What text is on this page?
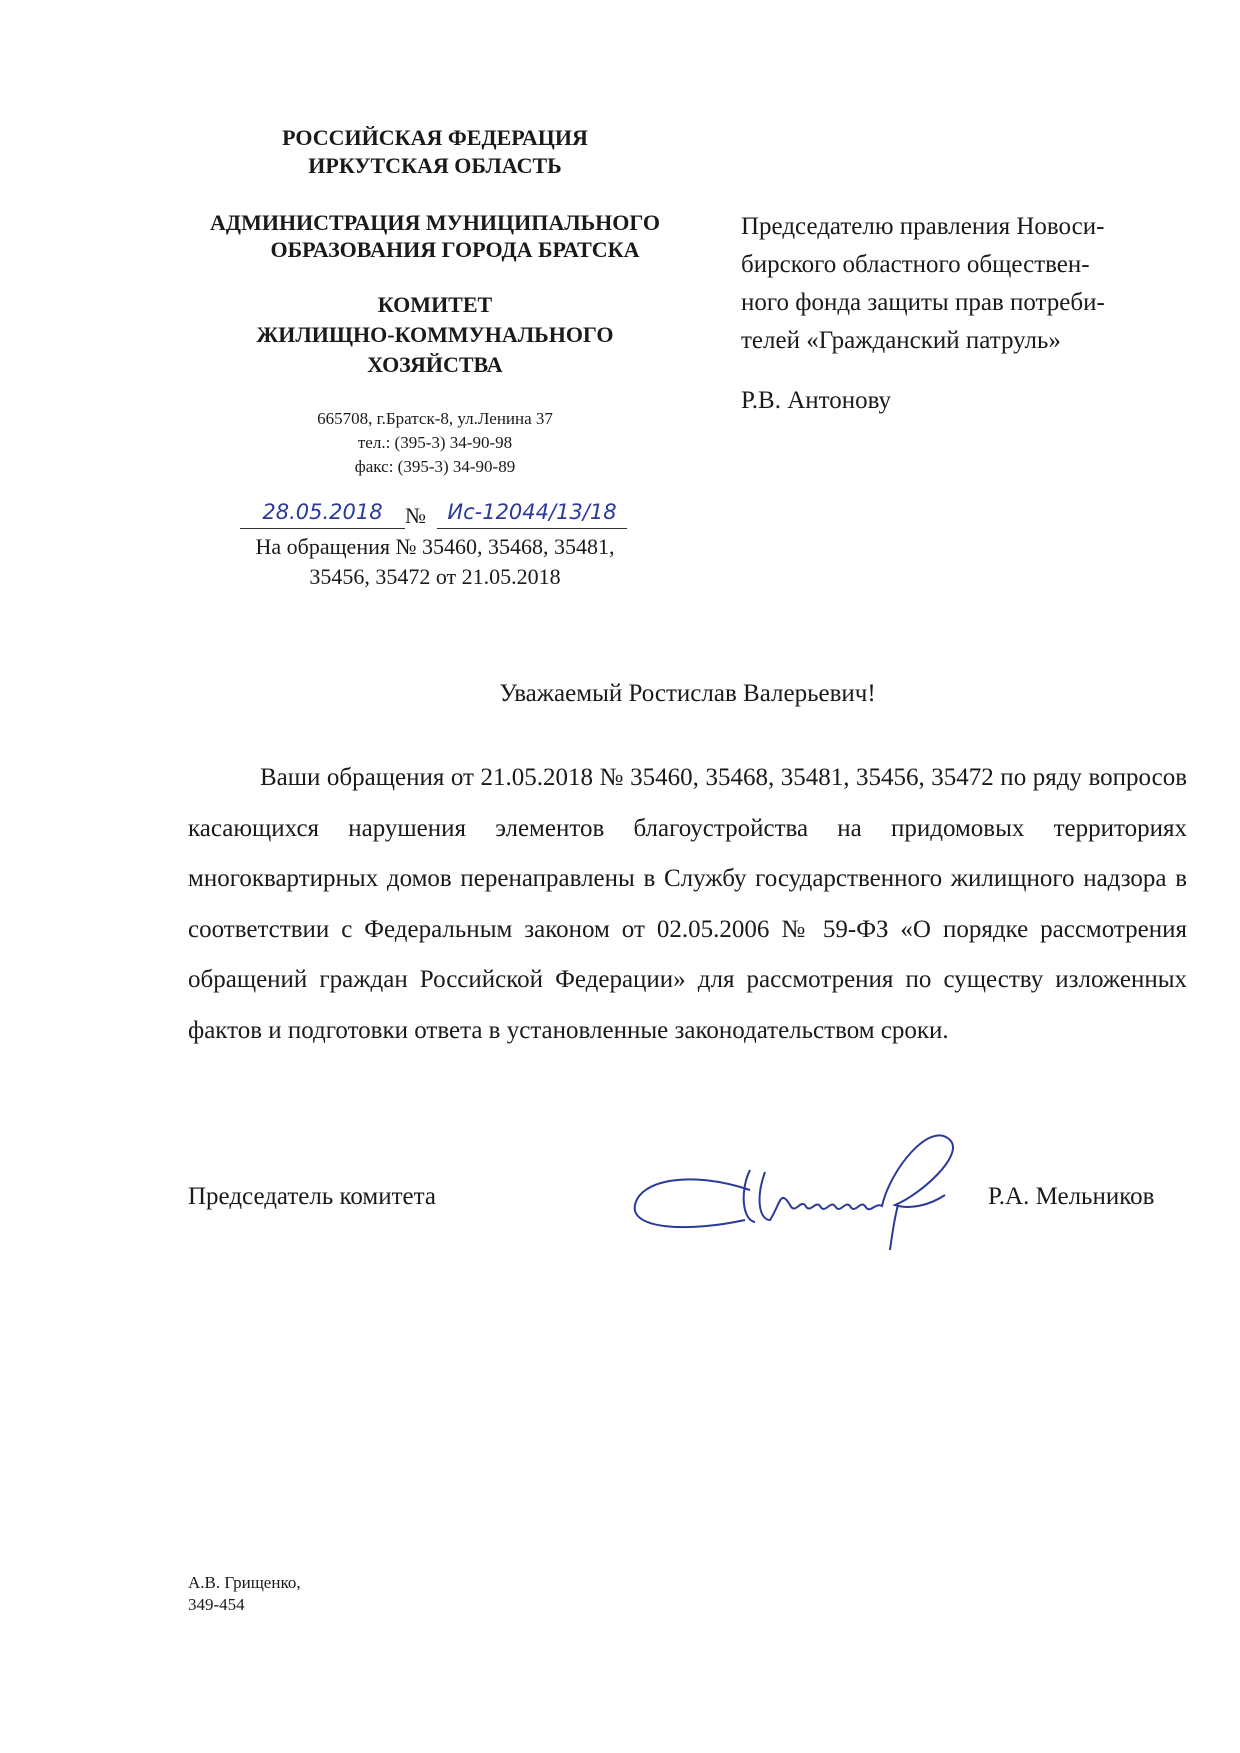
РОССИЙСКАЯ ФЕДЕРАЦИЯ
ИРКУТСКАЯ ОБЛАСТЬ
АДМИНИСТРАЦИЯ МУНИЦИПАЛЬНОГО
ОБРАЗОВАНИЯ ГОРОДА БРАТСКА
КОМИТЕТ
ЖИЛИЩНО-КОММУНАЛЬНОГО
ХОЗЯЙСТВА
665708, г.Братск-8, ул.Ленина 37
тел.: (395-3) 34-90-98
факс: (395-3) 34-90-89
28.05.2018	№	Ис-12044/13/18
На обращения № 35460, 35468, 35481,
35456, 35472 от 21.05.2018
Председателю правления Новоси-
бирского областного обществен-
ного фонда защиты прав потреби-
телей «Гражданский патруль»
Р.В. Антонову
Уважаемый Ростислав Валерьевич!
Ваши обращения от 21.05.2018 № 35460, 35468, 35481, 35456, 35472 по ряду вопросов касающихся нарушения элементов благоустройства на придомовых территориях многоквартирных домов перенаправлены в Службу государственного жилищного надзора в соответствии с Федеральным законом от 02.05.2006 № 59-ФЗ «О порядке рассмотрения обращений граждан Российской Федерации» для рассмотрения по существу изложенных фактов и подготовки ответа в установленные законодательством сроки.
Председатель комитета	Р.А. Мельников
А.В. Грищенко,
349-454
